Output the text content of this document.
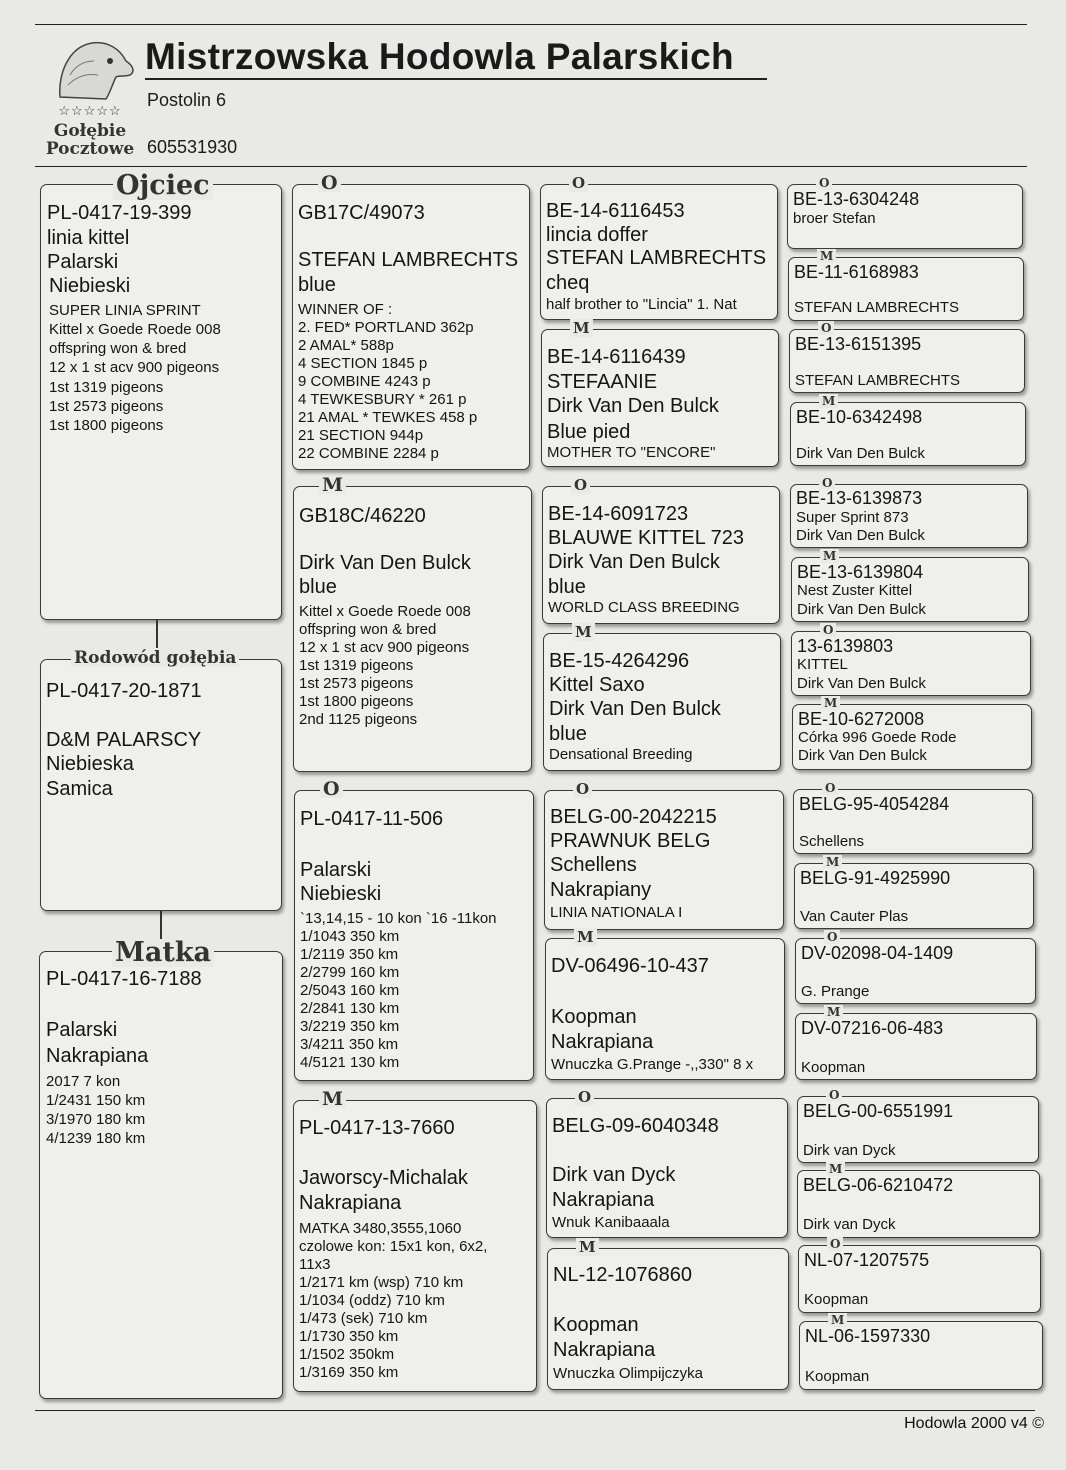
☆☆☆☆☆
Gołębie
Pocztowe
Mistrzowska Hodowla Palarskich
Postolin 6
605531930
Ojciec
PL-0417-19-399
linia kittel
Palarski
Niebieski
SUPER LINIA SPRINT
Kittel x Goede Roede 008
offspring won & bred
12 x 1 st acv 900 pigeons
1st 1319 pigeons
1st 2573 pigeons
1st 1800 pigeons
Rodowód gołębia
PL-0417-20-1871
D&M PALARSCY
Niebieska
Samica
Matka
PL-0417-16-7188
Palarski
Nakrapiana
2017 7 kon
1/2431 150 km
3/1970 180 km
4/1239 180 km
O
GB17C/49073
STEFAN LAMBRECHTS
blue
WINNER OF :
2. FED* PORTLAND 362p
2 AMAL* 588p
4 SECTION 1845 p
9 COMBINE 4243 p
4 TEWKESBURY * 261 p
21 AMAL * TEWKES 458 p
21 SECTION 944p
22 COMBINE 2284 p
M
GB18C/46220
Dirk Van Den Bulck
blue
Kittel x Goede Roede 008
offspring won & bred
12 x 1 st acv 900 pigeons
1st 1319 pigeons
1st 2573 pigeons
1st 1800 pigeons
2nd 1125 pigeons
O
PL-0417-11-506
Palarski
Niebieski
`13,14,15 - 10 kon `16 -11kon
1/1043 350 km
1/2119 350 km
2/2799 160 km
2/5043 160 km
2/2841 130 km
3/2219 350 km
3/4211 350 km
4/5121 130 km
M
PL-0417-13-7660
Jaworscy-Michalak
Nakrapiana
MATKA 3480,3555,1060
czolowe kon: 15x1 kon, 6x2,
11x3
1/2171 km (wsp) 710 km
1/1034 (oddz) 710 km
1/473 (sek) 710 km
1/1730 350 km
1/1502 350km
1/3169 350 km
O
BE-14-6116453
lincia doffer
STEFAN LAMBRECHTS
cheq
half brother to "Lincia" 1. Nat
M
BE-14-6116439
STEFAANIE
Dirk Van Den Bulck
Blue pied
MOTHER TO "ENCORE"
O
BE-14-6091723
BLAUWE KITTEL 723
Dirk Van Den Bulck
blue
WORLD CLASS BREEDING
M
BE-15-4264296
Kittel Saxo
Dirk Van Den Bulck
blue
Densational Breeding
O
BELG-00-2042215
PRAWNUK BELG
Schellens
Nakrapiany
LINIA NATIONALA I
M
DV-06496-10-437
Koopman
Nakrapiana
Wnuczka G.Prange -,,330" 8 x
O
BELG-09-6040348
Dirk van Dyck
Nakrapiana
Wnuk Kanibaaala
M
NL-12-1076860
Koopman
Nakrapiana
Wnuczka Olimpijczyka
O
BE-13-6304248
broer Stefan
M
BE-11-6168983
STEFAN LAMBRECHTS
O
BE-13-6151395
STEFAN LAMBRECHTS
M
BE-10-6342498
Dirk Van Den Bulck
O
BE-13-6139873
Super Sprint 873
Dirk Van Den Bulck
M
BE-13-6139804
Nest Zuster Kittel
Dirk Van Den Bulck
O
13-6139803
KITTEL
Dirk Van Den Bulck
M
BE-10-6272008
Córka 996 Goede Rode
Dirk Van Den Bulck
O
BELG-95-4054284
Schellens
M
BELG-91-4925990
Van Cauter Plas
O
DV-02098-04-1409
G. Prange
M
DV-07216-06-483
Koopman
O
BELG-00-6551991
Dirk van Dyck
M
BELG-06-6210472
Dirk van Dyck
O
NL-07-1207575
Koopman
M
NL-06-1597330
Koopman
Hodowla 2000 v4 ©
